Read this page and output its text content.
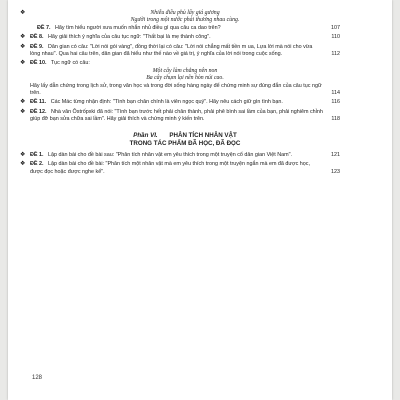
❖	Nhiễu điều phủ lấy giá gương
Người trong một nước phải thương nhau cùng.
ĐỀ 7. Hãy tìm hiểu người xưa muốn nhắn nhủ điều gì qua câu ca dao trên?	107
❖ ĐỀ 8. Hãy giải thích ý nghĩa của câu tục ngữ: "Thất bại là mẹ thành công".	110
❖ ĐỀ 9. Dân gian có câu: "Lời nói gói vàng", đồng thời lại có câu: "Lời nói chẳng mất tiền m ua, Lựa lời mà nói cho vừa lòng nhau". Qua hai câu trên, dân gian đã hiểu như thế nào về giá trị, ý nghĩa của lời nói trong cuộc sống.	112
❖ ĐỀ 10. Tục ngữ có câu:
Một cây làm chẳng nên non
Ba cây chụm lại nên hòn núi cao.
Hãy lấy dẫn chứng trong lịch sử, trong văn học và trong đời sống hàng ngày để chứng minh sự đúng đắn của câu tục ngữ trên.	114
❖ ĐỀ 11. Các Mác từng nhận định: "Tình bạn chân chính là viên ngọc quý". Hãy nêu cách giữ gìn tình bạn.	116
❖ ĐỀ 12. Nhà văn Ôstrốpxki đã nói: "Tình bạn trước hết phải chân thành, phải phê bình sai lầm của bạn, phải nghiêm chỉnh giúp đỡ bạn sửa chữa sai lầm". Hãy giải thích và chứng minh ý kiến trên.	118
Phần VI. PHÂN TÍCH NHÂN VẬT
TRONG TÁC PHẨM ĐÃ HỌC, ĐÃ ĐỌC
❖ ĐỀ 1. Lập dàn bài cho đề bài sau: "Phân tích nhân vật em yêu thích trong một truyện cổ dân gian Việt Nam".	121
❖ ĐỀ 2. Lập dàn bài cho đề bài: "Phân tích một nhân vật mà em yêu thích trong một truyện ngắn mà em đã được học, được đọc hoặc được nghe kể".	123
128
